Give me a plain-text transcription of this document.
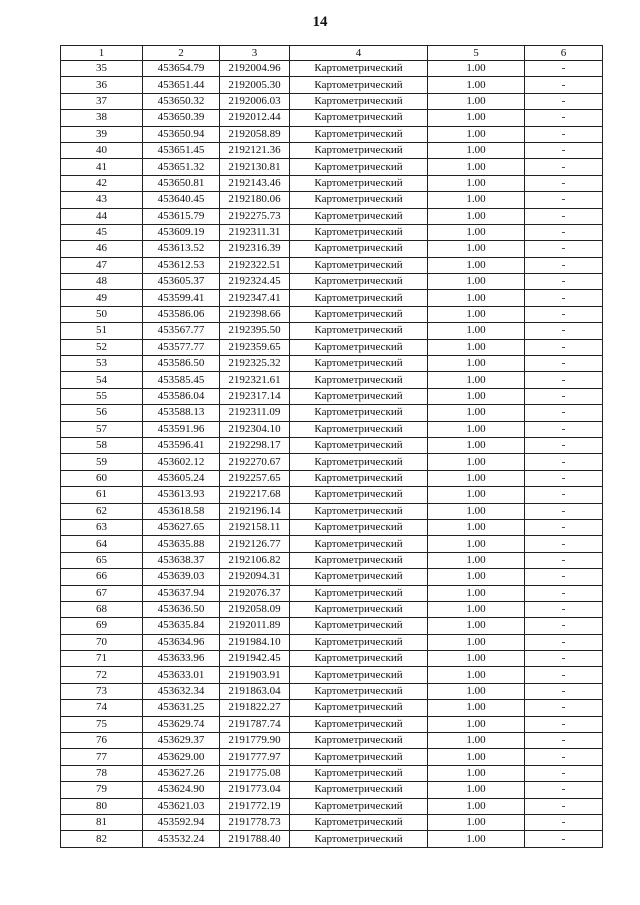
14
1	2	3	4	5	6
35	453654.79	2192004.96	Картометрический	1.00	-
36	453651.44	2192005.30	Картометрический	1.00	-
37	453650.32	2192006.03	Картометрический	1.00	-
38	453650.39	2192012.44	Картометрический	1.00	-
39	453650.94	2192058.89	Картометрический	1.00	-
40	453651.45	2192121.36	Картометрический	1.00	-
41	453651.32	2192130.81	Картометрический	1.00	-
42	453650.81	2192143.46	Картометрический	1.00	-
43	453640.45	2192180.06	Картометрический	1.00	-
44	453615.79	2192275.73	Картометрический	1.00	-
45	453609.19	2192311.31	Картометрический	1.00	-
46	453613.52	2192316.39	Картометрический	1.00	-
47	453612.53	2192322.51	Картометрический	1.00	-
48	453605.37	2192324.45	Картометрический	1.00	-
49	453599.41	2192347.41	Картометрический	1.00	-
50	453586.06	2192398.66	Картометрический	1.00	-
51	453567.77	2192395.50	Картометрический	1.00	-
52	453577.77	2192359.65	Картометрический	1.00	-
53	453586.50	2192325.32	Картометрический	1.00	-
54	453585.45	2192321.61	Картометрический	1.00	-
55	453586.04	2192317.14	Картометрический	1.00	-
56	453588.13	2192311.09	Картометрический	1.00	-
57	453591.96	2192304.10	Картометрический	1.00	-
58	453596.41	2192298.17	Картометрический	1.00	-
59	453602.12	2192270.67	Картометрический	1.00	-
60	453605.24	2192257.65	Картометрический	1.00	-
61	453613.93	2192217.68	Картометрический	1.00	-
62	453618.58	2192196.14	Картометрический	1.00	-
63	453627.65	2192158.11	Картометрический	1.00	-
64	453635.88	2192126.77	Картометрический	1.00	-
65	453638.37	2192106.82	Картометрический	1.00	-
66	453639.03	2192094.31	Картометрический	1.00	-
67	453637.94	2192076.37	Картометрический	1.00	-
68	453636.50	2192058.09	Картометрический	1.00	-
69	453635.84	2192011.89	Картометрический	1.00	-
70	453634.96	2191984.10	Картометрический	1.00	-
71	453633.96	2191942.45	Картометрический	1.00	-
72	453633.01	2191903.91	Картометрический	1.00	-
73	453632.34	2191863.04	Картометрический	1.00	-
74	453631.25	2191822.27	Картометрический	1.00	-
75	453629.74	2191787.74	Картометрический	1.00	-
76	453629.37	2191779.90	Картометрический	1.00	-
77	453629.00	2191777.97	Картометрический	1.00	-
78	453627.26	2191775.08	Картометрический	1.00	-
79	453624.90	2191773.04	Картометрический	1.00	-
80	453621.03	2191772.19	Картометрический	1.00	-
81	453592.94	2191778.73	Картометрический	1.00	-
82	453532.24	2191788.40	Картометрический	1.00	-
